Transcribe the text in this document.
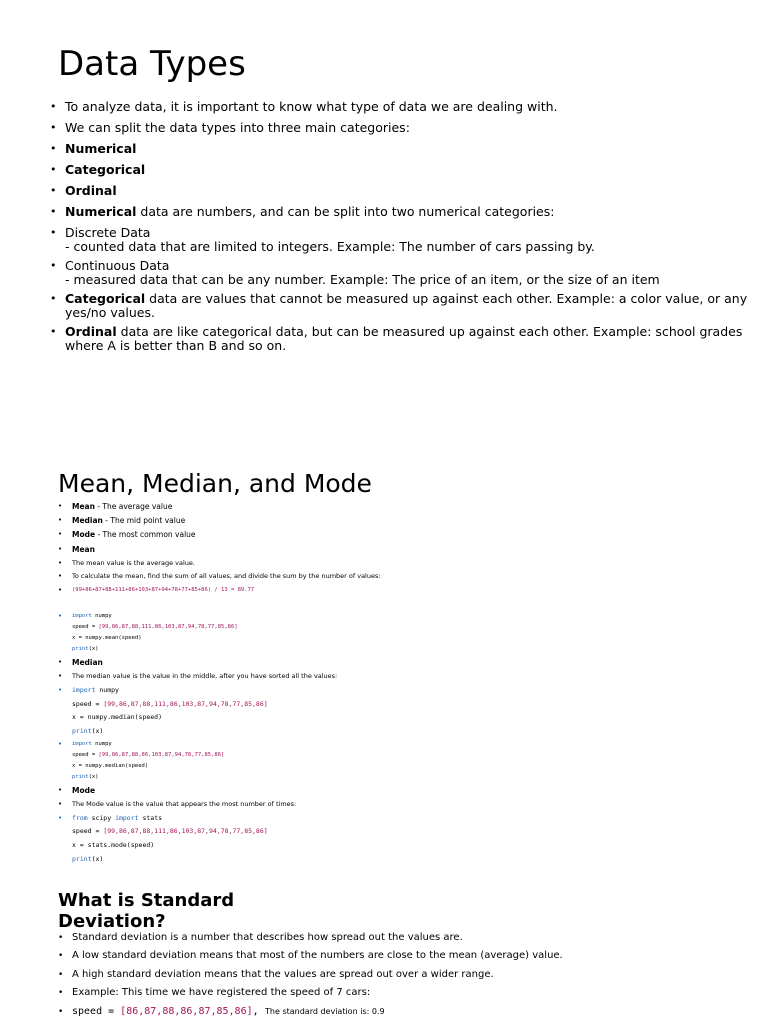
Data Types
• To analyze data, it is important to know what type of data we are dealing with.
• We can split the data types into three main categories:
• Numerical
• Categorical
• Ordinal
• Numerical data are numbers, and can be split into two numerical categories:
• Discrete Data
- counted data that are limited to integers. Example: The number of cars passing by.
• Continuous Data
- measured data that can be any number. Example: The price of an item, or the size of an item
• Categorical data are values that cannot be measured up against each other. Example: a color value, or any
yes/no values.
• Ordinal data are like categorical data, but can be measured up against each other. Example: school grades
where A is better than B and so on.
Mean, Median, and Mode
• Mean - The average value
• Median - The mid point value
• Mode - The most common value
• Mean
• The mean value is the average value.
• To calculate the mean, find the sum of all values, and divide the sum by the number of values:
• (99+86+87+88+111+86+103+87+94+78+77+85+86) / 13 = 89.77
• import numpy
speed = [99,86,87,88,111,86,103,87,94,78,77,85,86]
x = numpy.mean(speed)
print(x)
• Median
• The median value is the value in the middle, after you have sorted all the values:
• import numpy
speed = [99,86,87,88,111,86,103,87,94,78,77,85,86]
x = numpy.median(speed)
print(x)
• import numpy
speed = [99,86,87,88,86,103,87,94,78,77,85,86]
x = numpy.median(speed)
print(x)
• Mode
• The Mode value is the value that appears the most number of times:
• from scipy import stats
speed = [99,86,87,88,111,86,103,87,94,78,77,85,86]
x = stats.mode(speed)
print(x)
What is Standard Deviation?
• Standard deviation is a number that describes how spread out the values are.
• A low standard deviation means that most of the numbers are close to the mean (average) value.
• A high standard deviation means that the values are spread out over a wider range.
• Example: This time we have registered the speed of 7 cars:
• speed = [86,87,88,86,87,85,86], The standard deviation is: 0.9
